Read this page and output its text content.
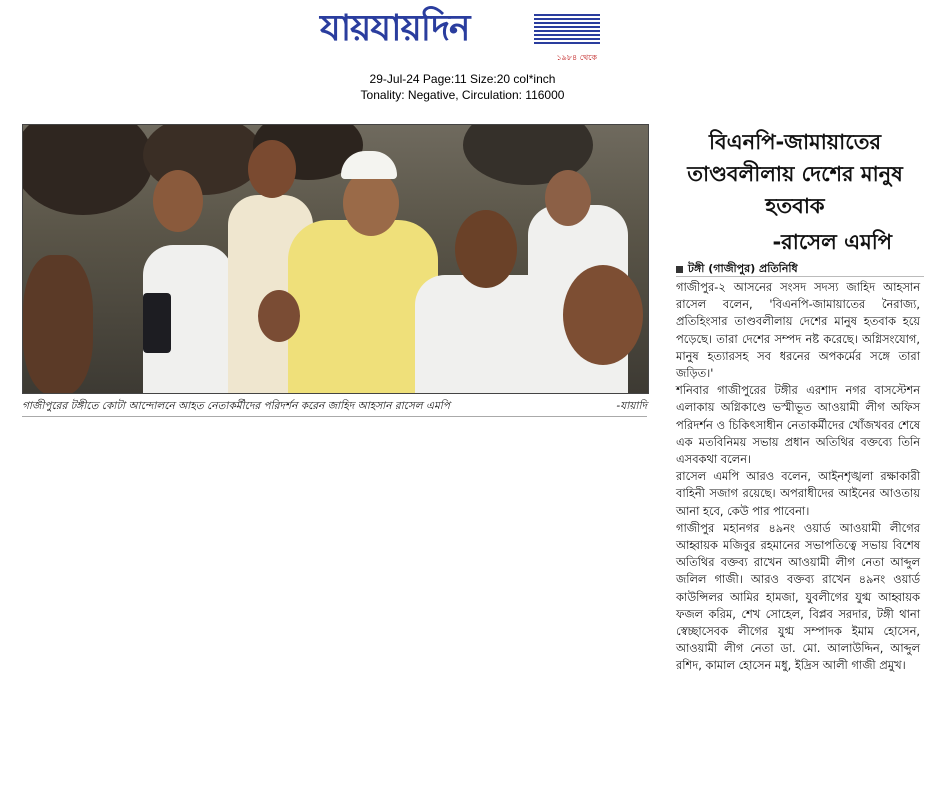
যায়যায়দিন
১৯৮৪ থেকে
29-Jul-24 Page:11 Size:20 col*inch
Tonality: Negative, Circulation: 116000
গাজীপুরের টঙ্গীতে কোটা আন্দোলনে আহত নেতাকর্মীদের পরিদর্শন করেন জাহিদ আহসান রাসেল এমপি	-যায়াদি
বিএনপি-জামায়াতের তাণ্ডবলীলায় দেশের মানুষ হতবাক
-রাসেল এমপি
টঙ্গী (গাজীপুর) প্রতিনিধি

গাজীপুর-২ আসনের সংসদ সদস্য জাহিদ আহসান রাসেল বলেন, 'বিএনপি-জামায়াতের নৈরাজ্য, প্রতিহিংসার তাণ্ডবলীলায় দেশের মানুষ হতবাক হয়ে পড়েছে। তারা দেশের সম্পদ নষ্ট করেছে। অগ্নিসংযোগ, মানুষ হত্যারসহ সব ধরনের অপকর্মের সঙ্গে তারা জড়িত।'

শনিবার গাজীপুরের টঙ্গীর এরশাদ নগর বাসস্টেশন এলাকায় অগ্নিকাণ্ডে ভস্মীভূত আওয়ামী লীগ অফিস পরিদর্শন ও চিকিৎসাধীন নেতাকর্মীদের খোঁজখবর শেষে এক মতবিনিময় সভায় প্রধান অতিথির বক্তব্যে তিনি এসবকথা বলেন।

রাসেল এমপি আরও বলেন, আইনশৃঙ্খলা রক্ষাকারী বাহিনী সজাগ রয়েছে। অপরাধীদের আইনের আওতায় আনা হবে, কেউ পার পাবেনা।

গাজীপুর মহানগর ৪৯নং ওয়ার্ড আওয়ামী লীগের আহ্বায়ক মজিবুর রহমানের সভাপতিত্বে সভায় বিশেষ অতিথির বক্তব্য রাখেন আওয়ামী লীগ নেতা আব্দুল জলিল গাজী। আরও বক্তব্য রাখেন ৪৯নং ওয়ার্ড কাউন্সিলর আমির হামজা, যুবলীগের যুগ্ম আহ্বায়ক ফজল করিম, শেখ সোহেল, বিপ্লব সরদার, টঙ্গী থানা স্বেচ্ছাসেবক লীগের যুগ্ম সম্পাদক ইমাম হোসেন, আওয়ামী লীগ নেতা ডা. মো. আলাউদ্দিন, আব্দুল রশিদ, কামাল হোসেন মধু, ইদ্রিস আলী গাজী প্রমুখ।
